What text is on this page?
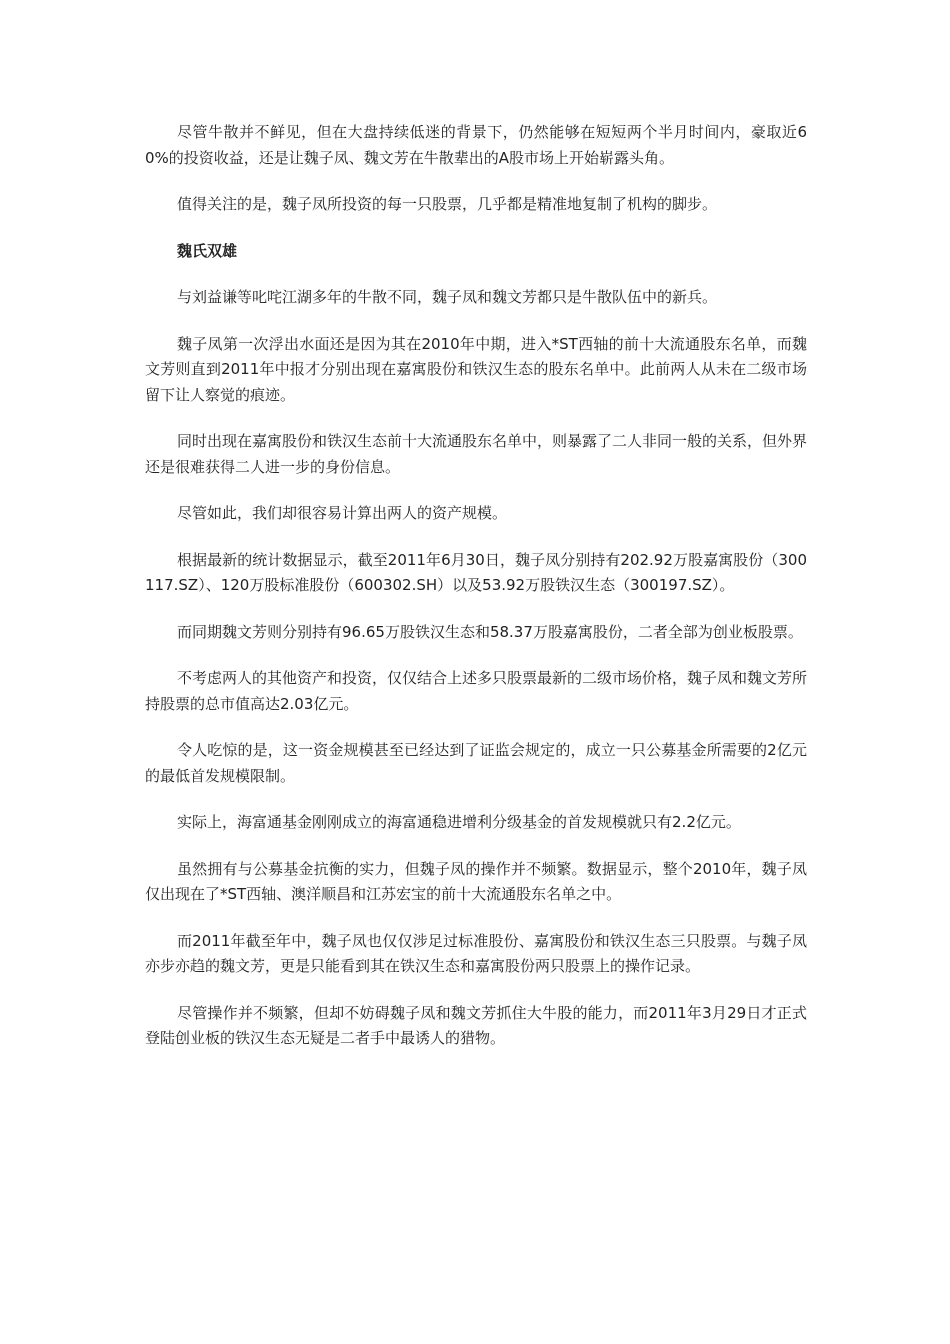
尽管牛散并不鲜见，但在大盘持续低迷的背景下，仍然能够在短短两个半月时间内，豪取近60%的投资收益，还是让魏子凤、魏文芳在牛散辈出的A股市场上开始崭露头角。

值得关注的是，魏子凤所投资的每一只股票，几乎都是精准地复制了机构的脚步。

魏氏双雄

与刘益谦等叱咤江湖多年的牛散不同，魏子凤和魏文芳都只是牛散队伍中的新兵。

魏子凤第一次浮出水面还是因为其在2010年中期，进入*ST西轴的前十大流通股东名单，而魏文芳则直到2011年中报才分别出现在嘉寓股份和铁汉生态的股东名单中。此前两人从未在二级市场留下让人察觉的痕迹。

同时出现在嘉寓股份和铁汉生态前十大流通股东名单中，则暴露了二人非同一般的关系，但外界还是很难获得二人进一步的身份信息。

尽管如此，我们却很容易计算出两人的资产规模。

根据最新的统计数据显示，截至2011年6月30日，魏子凤分别持有202.92万股嘉寓股份（300117.SZ）、120万股标准股份（600302.SH）以及53.92万股铁汉生态（300197.SZ）。

而同期魏文芳则分别持有96.65万股铁汉生态和58.37万股嘉寓股份，二者全部为创业板股票。

不考虑两人的其他资产和投资，仅仅结合上述多只股票最新的二级市场价格，魏子凤和魏文芳所持股票的总市值高达2.03亿元。

令人吃惊的是，这一资金规模甚至已经达到了证监会规定的，成立一只公募基金所需要的2亿元的最低首发规模限制。

实际上，海富通基金刚刚成立的海富通稳进增利分级基金的首发规模就只有2.2亿元。

虽然拥有与公募基金抗衡的实力，但魏子凤的操作并不频繁。数据显示，整个2010年，魏子凤仅出现在了*ST西轴、澳洋顺昌和江苏宏宝的前十大流通股东名单之中。

而2011年截至年中，魏子凤也仅仅涉足过标准股份、嘉寓股份和铁汉生态三只股票。与魏子凤亦步亦趋的魏文芳，更是只能看到其在铁汉生态和嘉寓股份两只股票上的操作记录。

尽管操作并不频繁，但却不妨碍魏子凤和魏文芳抓住大牛股的能力，而2011年3月29日才正式登陆创业板的铁汉生态无疑是二者手中最诱人的猎物。
